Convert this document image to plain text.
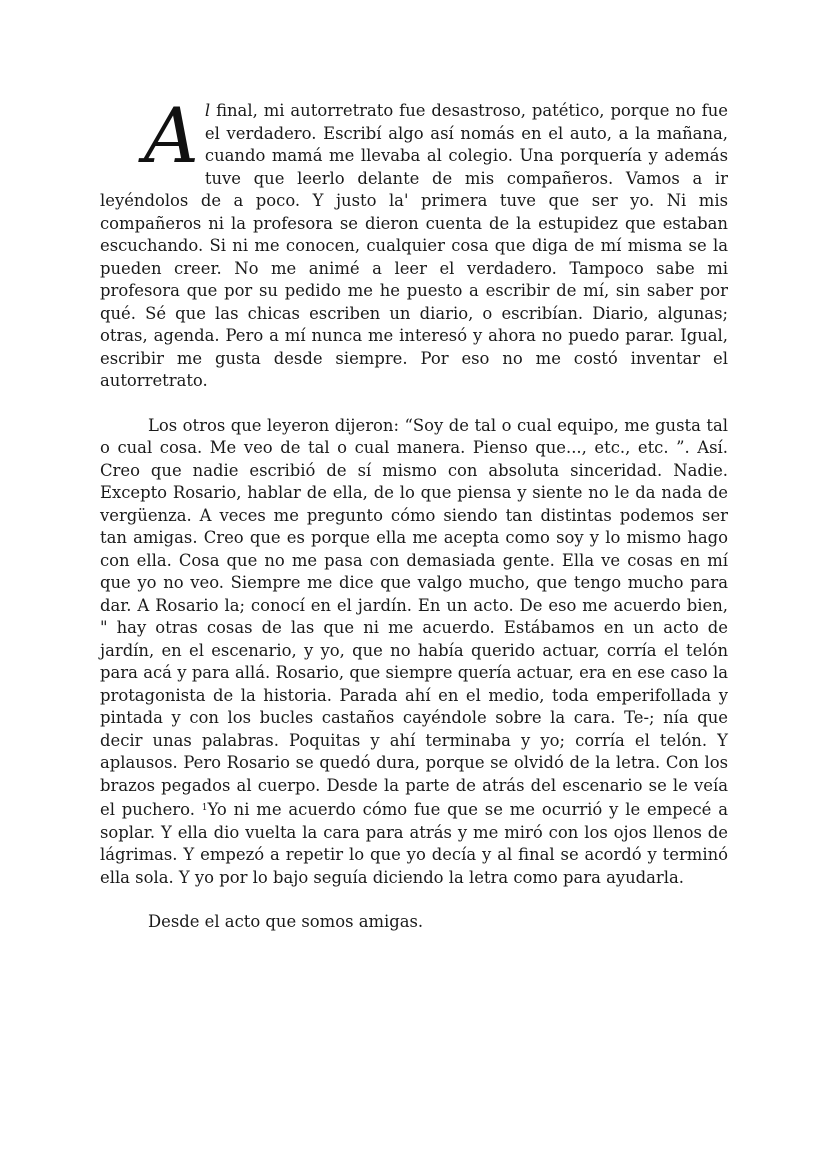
Al final, mi autorretrato fue desastroso, patético, porque no fue el verdadero. Escribí algo así nomás en el auto, a la mañana, cuando mamá me llevaba al colegio. Una porquería y además tuve que leerlo delante de mis compañeros. Vamos a ir leyéndolos de a poco. Y justo la' primera tuve que ser yo. Ni mis compañeros ni la profesora se dieron cuenta de la estupidez que estaban escuchando. Si ni me conocen, cualquier cosa que diga de mí misma se la pueden creer. No me animé a leer el verdadero. Tampoco sabe mi profesora que por su pedido me he puesto a escribir de mí, sin saber por qué. Sé que las chicas escriben un diario, o escribían. Diario, algunas; otras, agenda. Pero a mí nunca me interesó y ahora no puedo parar. Igual, escribir me gusta desde siempre. Por eso no me costó inventar el autorretrato.

Los otros que leyeron dijeron: “Soy de tal o cual equipo, me gusta tal o cual cosa. Me veo de tal o cual manera. Pienso que..., etc., etc. ”. Así. Creo que nadie escribió de sí mismo con absoluta sinceridad. Nadie. Excepto Rosario, hablar de ella, de lo que piensa y siente no le da nada de vergüenza. A veces me pregunto cómo siendo tan distintas podemos ser tan amigas. Creo que es porque ella me acepta como soy y lo mismo hago con ella. Cosa que no me pasa con demasiada gente. Ella ve cosas en mí que yo no veo. Siempre me dice que valgo mucho, que tengo mucho para dar. A Rosario la; conocí en el jardín. En un acto. De eso me acuerdo bien, " hay otras cosas de las que ni me acuerdo. Estábamos en un acto de jardín, en el escenario, y yo, que no había querido actuar, corría el telón para acá y para allá. Rosario, que siempre quería actuar, era en ese caso la protagonista de la historia. Parada ahí en el medio, toda emperifollada y pintada y con los bucles castaños cayéndole sobre la cara. Te-; nía que decir unas palabras. Poquitas y ahí terminaba y yo; corría el telón. Y aplausos. Pero Rosario se quedó dura, porque se olvidó de la letra. Con los brazos pegados al cuerpo. Desde la parte de atrás del escenario se le veía el puchero. $^1$Yo ni me acuerdo cómo fue que se me ocurrió y le empecé a soplar. Y ella dio vuelta la cara para atrás y me miró con los ojos llenos de lágrimas. Y empezó a repetir lo que yo decía y al final se acordó y terminó ella sola. Y yo por lo bajo seguía diciendo la letra como para ayudarla.

Desde el acto que somos amigas.
